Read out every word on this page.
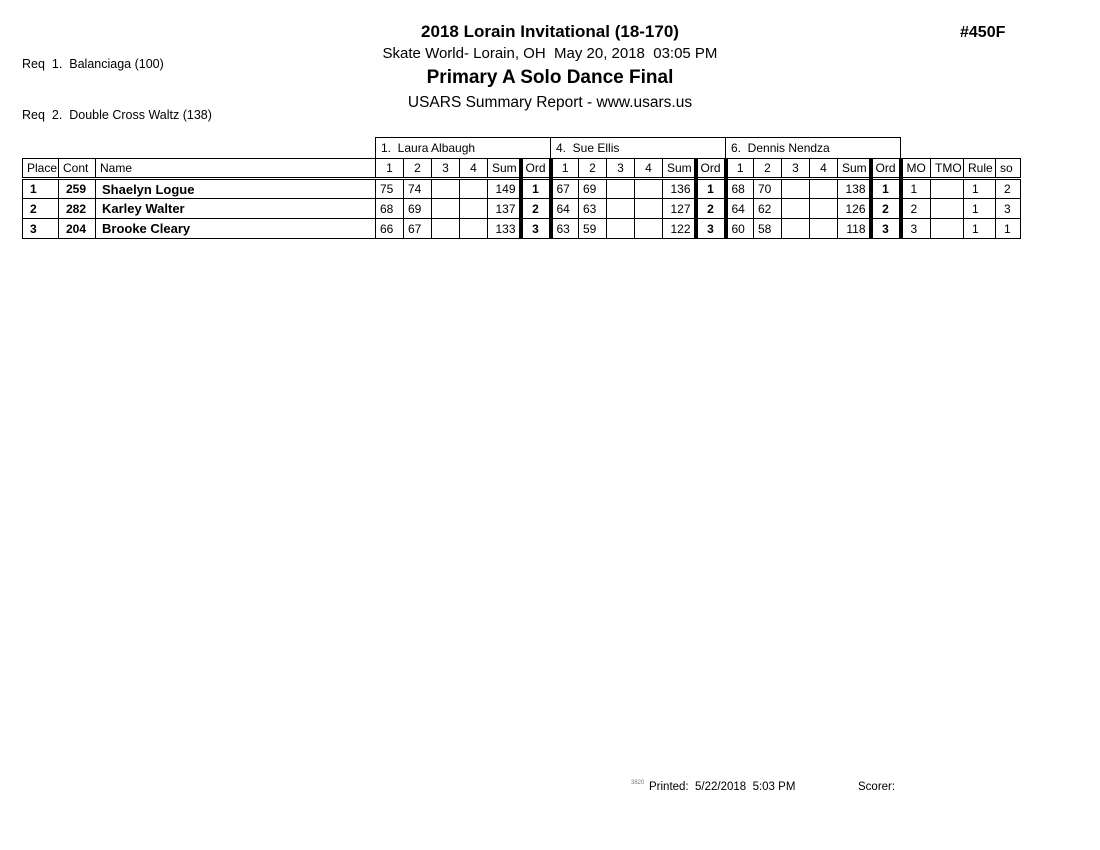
Req  1.  Balanciaga (100)

Req  2.  Double Cross Waltz (138)

2018 Lorain Invitational (18-170)
Skate World- Lorain, OH  May 20, 2018  03:05 PM
Primary A Solo Dance Final
USARS Summary Report - www.usars.us
#450F
			1.  Laura Albaugh						4.  Sue Ellis						6.  Dennis Nendza									
Place	Cont	Name	1	2	3	4	Sum	Ord	1	2	3	4	Sum	Ord	1	2	3	4	Sum	Ord	MO	TMO	Rule	so
1	259	Shaelyn Logue	75	74			149	1	67	69			136	1	68	70			138	1	1		1	2
2	282	Karley Walter	68	69			137	2	64	63			127	2	64	62			126	2	2		1	3
3	204	Brooke Cleary	66	67			133	3	63	59			122	3	60	58			118	3	3		1	1
3820 Printed:  5/22/2018  5:03 PM	Scorer:
